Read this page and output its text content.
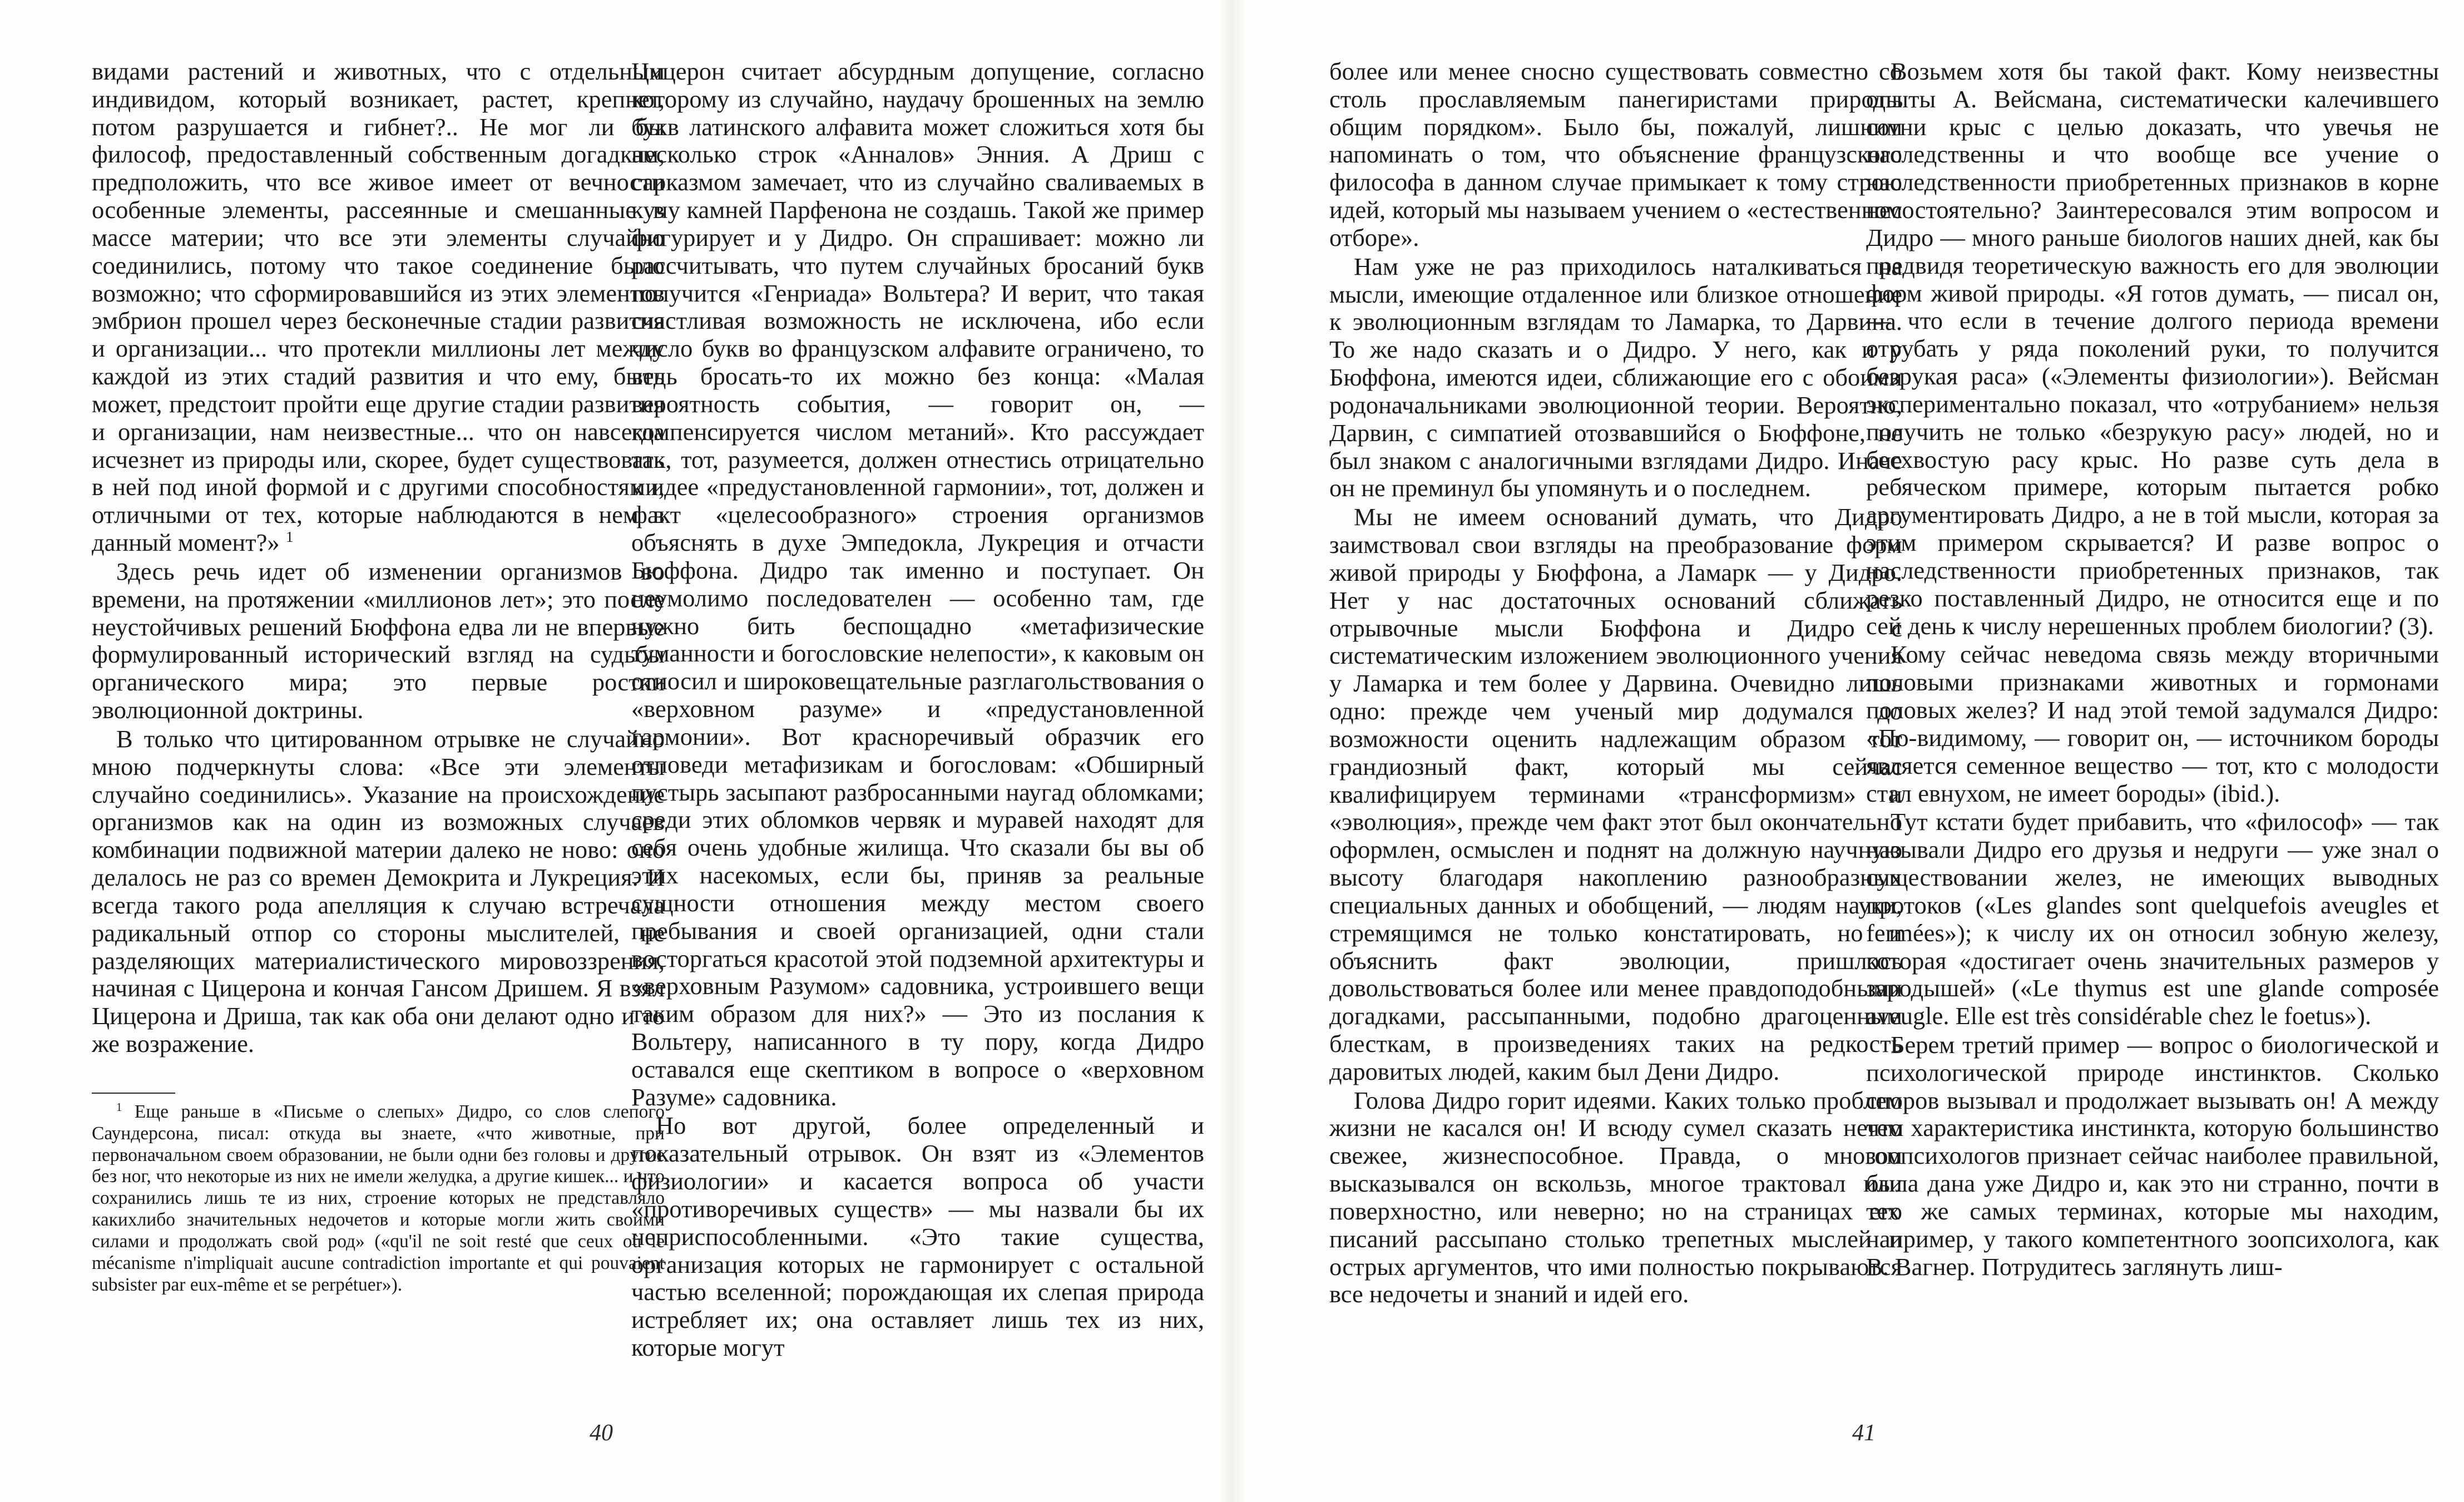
видами растений и животных, что с отдельным индивидом, который возникает, растет, крепнет, потом разрушается и гибнет?.. Не мог ли бы философ, предоставленный собственным догадкам, предположить, что все живое имеет от вечности особенные элементы, рассеянные и смешанные в массе материи; что все эти элементы случайно соединились, потому что такое соединение было возможно; что сформировавшийся из этих элементов эмбрион прошел через бесконечные стадии развития и организации... что протекли миллионы лет между каждой из этих стадий развития и что ему, быть может, предстоит пройти еще другие стадии развития и организации, нам неизвестные... что он навсегда исчезнет из природы или, скорее, будет существовать в ней под иной формой и с другими способностями, отличными от тех, которые наблюдаются в нем в данный момент?» $^1$

Здесь речь идет об изменении организмов во времени, на протяжении «миллионов лет»; это после неустойчивых решений Бюффона едва ли не впервые формулированный исторический взгляд на судьбы органического мира; это первые ростки эволюционной доктрины.

В только что цитированном отрывке не случайно мною подчеркнуты слова: «Все эти элементы случайно соединились». Указание на происхождение организмов как на один из возможных случаев комбинации подвижной материи далеко не ново: оно делалось не раз со времен Демокрита и Лукреция. И всегда такого рода апелляция к случаю встречала радикальный отпор со стороны мыслителей, не разделяющих материалистического мировоззрения, начиная с Цицерона и кончая Гансом Дришем. Я взял Цицерона и Дриша, так как оба они делают одно и то же возражение.

$^1$ Еще раньше в «Письме о слепых» Дидро, со слов слепого Саундерсона, писал: откуда вы знаете, «что животные, при первоначальном своем образовании, не были одни без головы и другие без ног, что некоторые из них не имели желудка, а другие кишек... и что сохранились лишь те из них, строение которых не представляло какихлибо значительных недочетов и которые могли жить своими силами и продолжать свой род» («qu'il ne soit resté que ceux où le mécanisme n'impliquait aucune contradiction importante et qui pouvaient subsister par eux-même et se perpétuer»).

Цицерон считает абсурдным допущение, согласно которому из случайно, наудачу брошенных на землю букв латинского алфавита может сложиться хотя бы несколько строк «Анналов» Энния. А Дриш с сарказмом замечает, что из случайно сваливаемых в кучу камней Парфенона не создашь. Такой же пример фигурирует и у Дидро. Он спрашивает: можно ли рассчитывать, что путем случайных бросаний букв получится «Генриада» Вольтера? И верит, что такая счастливая возможность не исключена, ибо если число букв во французском алфавите ограничено, то ведь бросать-то их можно без конца: «Малая вероятность события, — говорит он, — компенсируется числом метаний». Кто рассуждает так, тот, разумеется, должен отнестись отрицательно к идее «предустановленной гармонии», тот, должен и факт «целесообразного» строения организмов объяснять в духе Эмпедокла, Лукреция и отчасти Бюффона. Дидро так именно и поступает. Он неумолимо последователен — особенно там, где нужно бить беспощадно «метафизические туманности и богословские нелепости», к каковым он относил и широковещательные разглагольствования о «верховном разуме» и «предустановленной гармонии». Вот красноречивый образчик его отповеди метафизикам и богословам: «Обширный пустырь засыпают разбросанными наугад обломками; среди этих обломков червяк и муравей находят для себя очень удобные жилища. Что сказали бы вы об этих насекомых, если бы, приняв за реальные сущности отношения между местом своего пребывания и своей организацией, одни стали восторгаться красотой этой подземной архитектуры и «верховным Разумом» садовника, устроившего вещи таким образом для них?» — Это из послания к Вольтеру, написанного в ту пору, когда Дидро оставался еще скептиком в вопросе о «верховном Разуме» садовника.

Но вот другой, более определенный и показательный отрывок. Он взят из «Элементов физиологии» и касается вопроса об участи «противоречивых существ» — мы назвали бы их неприспособленными. «Это такие существа, организация которых не гармонирует с остальной частью вселенной; порождающая их слепая природа истребляет их; она оставляет лишь тех из них, которые могут

40

более или менее сносно существовать совместно со столь прославляемым панегиристами природы общим порядком». Было бы, пожалуй, лишним напоминать о том, что объяснение французского философа в данном случае примыкает к тому строю идей, который мы называем учением о «естественном отборе».

Нам уже не раз приходилось наталкиваться на мысли, имеющие отдаленное или близкое отношение к эволюционным взглядам то Ламарка, то Дарвина. То же надо сказать и о Дидро. У него, как и у Бюффона, имеются идеи, сближающие его с обоими родоначальниками эволюционной теории. Вероятно, Дарвин, с симпатией отозвавшийся о Бюффоне, не был знаком с аналогичными взглядами Дидро. Иначе он не преминул бы упомянуть и о последнем.

Мы не имеем оснований думать, что Дидро заимствовал свои взгляды на преобразование форм живой природы у Бюффона, а Ламарк — у Дидро. Нет у нас достаточных оснований сближать отрывочные мысли Бюффона и Дидро с систематическим изложением эволюционного учения у Ламарка и тем более у Дарвина. Очевидно лишь одно: прежде чем ученый мир додумался до возможности оценить надлежащим образом тот грандиозный факт, который мы сейчас квалифицируем терминами «трансформизм» и «эволюция», прежде чем факт этот был окончательно оформлен, осмыслен и поднят на должную научную высоту благодаря накоплению разнообразных специальных данных и обобщений, — людям науки, стремящимся не только констатировать, но и объяснить факт эволюции, пришлось довольствоваться более или менее правдоподобными догадками, рассыпанными, подобно драгоценным блесткам, в произведениях таких на редкость даровитых людей, каким был Дени Дидро.

Голова Дидро горит идеями. Каких только проблем жизни не касался он! И всюду сумел сказать нечто свежее, жизнеспособное. Правда, о многом высказывался он вскользь, многое трактовал или поверхностно, или неверно; но на страницах его писаний рассыпано столько трепетных мыслей и острых аргументов, что ими полностью покрываются все недочеты и знаний и идей его.

Возьмем хотя бы такой факт. Кому неизвестны опыты А. Вейсмана, систематически калечившего сотни крыс с целью доказать, что увечья не наследственны и что вообще все учение о наследственности приобретенных признаков в корне несостоятельно? Заинтересовался этим вопросом и Дидро — много раньше биологов наших дней, как бы предвидя теоретическую важность его для эволюции форм живой природы. «Я готов думать, — писал он, — что если в течение долгого периода времени отрубать у ряда поколений руки, то получится безрукая раса» («Элементы физиологии»). Вейсман экспериментально показал, что «отрубанием» нельзя получить не только «безрукую расу» людей, но и бесхвостую расу крыс. Но разве суть дела в ребяческом примере, которым пытается робко аргументировать Дидро, а не в той мысли, которая за этим примером скрывается? И разве вопрос о наследственности приобретенных признаков, так резко поставленный Дидро, не относится еще и по сей день к числу нерешенных проблем биологии? (3).

Кому сейчас неведома связь между вторичными половыми признаками животных и гормонами половых желез? И над этой темой задумался Дидро: «По-видимому, — говорит он, — источником бороды является семенное вещество — тот, кто с молодости стал евнухом, не имеет бороды» (ibid.).

Тут кстати будет прибавить, что «философ» — так называли Дидро его друзья и недруги — уже знал о существовании желез, не имеющих выводных протоков («Les glandes sont quelquefois aveugles et fermées»); к числу их он относил зобную железу, которая «достигает очень значительных размеров у зародышей» («Le thymus est une glande composée aveugle. Elle est très considérable chez le foetus»).

Берем третий пример — вопрос о биологической и психологической природе инстинктов. Сколько споров вызывал и продолжает вызывать он! А между тем характеристика инстинкта, которую большинство зоопсихологов признает сейчас наиболее правильной, была дана уже Дидро и, как это ни странно, почти в тех же самых терминах, которые мы находим, например, у такого компетентного зоопсихолога, как В. Вагнер. Потрудитесь заглянуть лиш-

41
